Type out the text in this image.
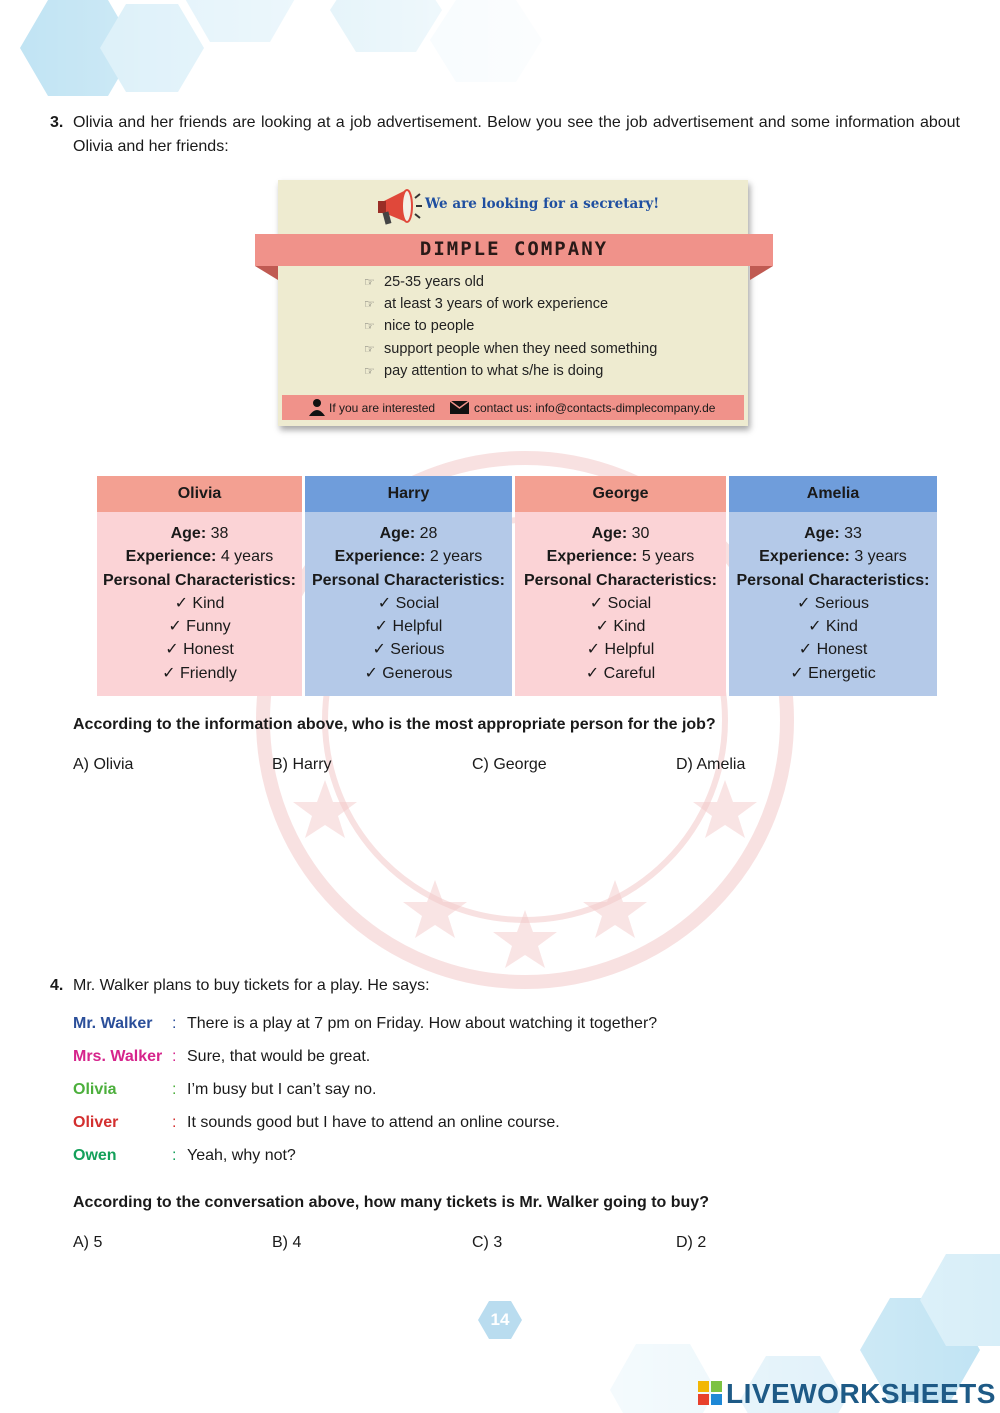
3. Olivia and her friends are looking at a job advertisement. Below you see the job advertisement and some information about Olivia and her friends:
We are looking for a secretary!
DIMPLE COMPANY
☞ 25-35 years old
☞ at least 3 years of work experience
☞ nice to people
☞ support people when they need something
☞ pay attention to what s/he is doing
If you are interested	contact us: info@contacts-dimplecompany.de
Olivia
Age: 38
Experience: 4 years
Personal Characteristics:
✓ Kind
✓ Funny
✓ Honest
✓ Friendly
Harry
Age: 28
Experience: 2 years
Personal Characteristics:
✓ Social
✓ Helpful
✓ Serious
✓ Generous
George
Age: 30
Experience: 5 years
Personal Characteristics:
✓ Social
✓ Kind
✓ Helpful
✓ Careful
Amelia
Age: 33
Experience: 3 years
Personal Characteristics:
✓ Serious
✓ Kind
✓ Honest
✓ Energetic
According to the information above, who is the most appropriate person for the job?
A) Olivia	B) Harry	C) George	D) Amelia
4. Mr. Walker plans to buy tickets for a play. He says:
Mr. Walker : There is a play at 7 pm on Friday. How about watching it together?
Mrs. Walker : Sure, that would be great.
Olivia	: I’m busy but I can’t say no.
Oliver	: It sounds good but I have to attend an online course.
Owen	: Yeah, why not?
According to the conversation above, how many tickets is Mr. Walker going to buy?
A) 5	B) 4	C) 3	D) 2
14
LIVEWORKSHEETS
